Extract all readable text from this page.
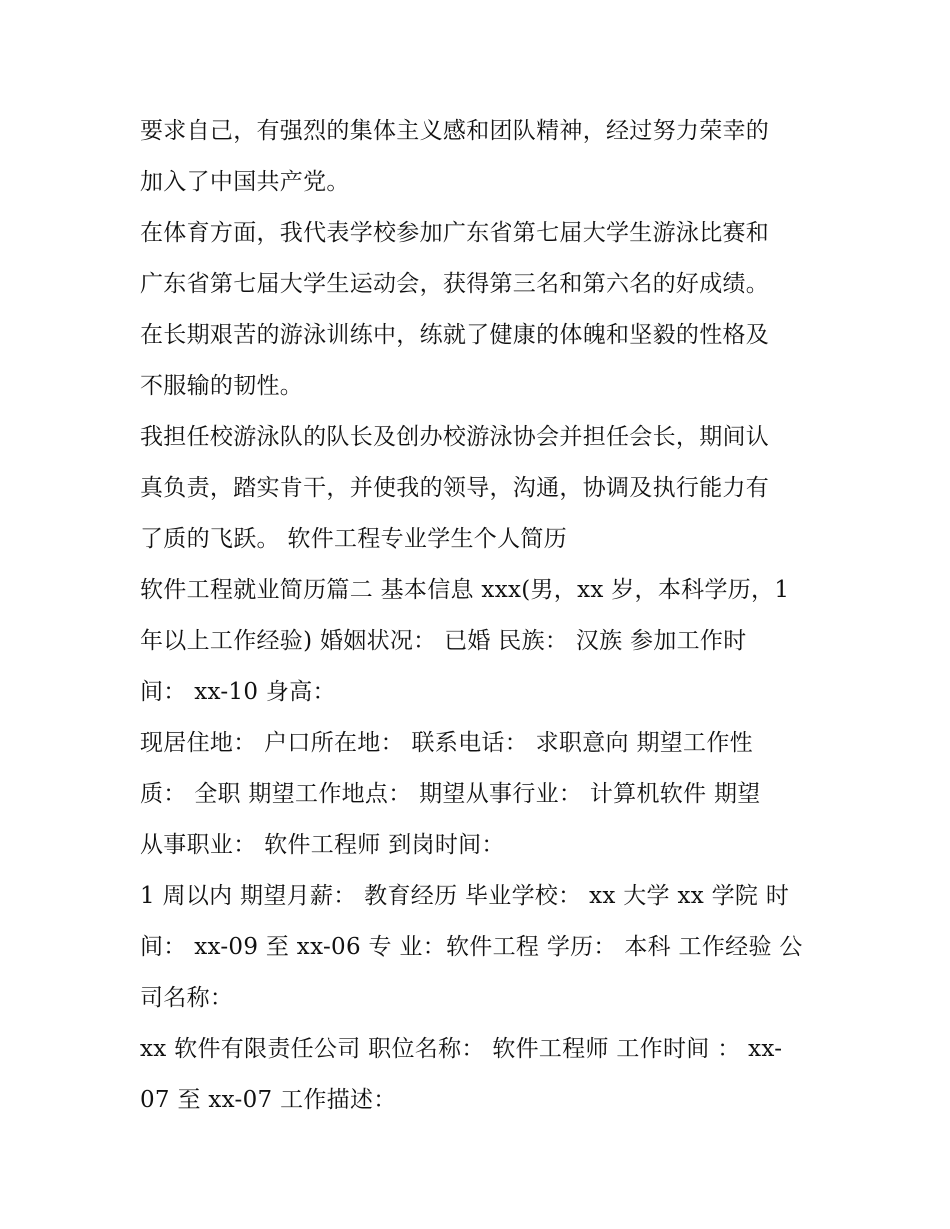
要求自己，有强烈的集体主义感和团队精神，经过努力荣幸的
加入了中国共产党。
在体育方面，我代表学校参加广东省第七届大学生游泳比赛和
广东省第七届大学生运动会，获得第三名和第六名的好成绩。
在长期艰苦的游泳训练中，练就了健康的体魄和坚毅的性格及
不服输的韧性。
我担任校游泳队的队长及创办校游泳协会并担任会长，期间认
真负责，踏实肯干，并使我的领导，沟通，协调及执行能力有
了质的飞跃。 软件工程专业学生个人简历
软件工程就业简历篇二 基本信息 xxx(男，xx 岁，本科学历，1
年以上工作经验) 婚姻状况： 已婚 民族： 汉族 参加工作时
间： xx-10 身高：
现居住地： 户口所在地： 联系电话： 求职意向 期望工作性
质： 全职 期望工作地点： 期望从事行业： 计算机软件 期望
从事职业： 软件工程师 到岗时间：
1 周以内 期望月薪： 教育经历 毕业学校： xx 大学 xx 学院 时
间： xx-09 至 xx-06 专 业：软件工程 学历： 本科 工作经验 公
司名称：
xx 软件有限责任公司 职位名称： 软件工程师 工作时间 ： xx-
07 至 xx-07 工作描述：
